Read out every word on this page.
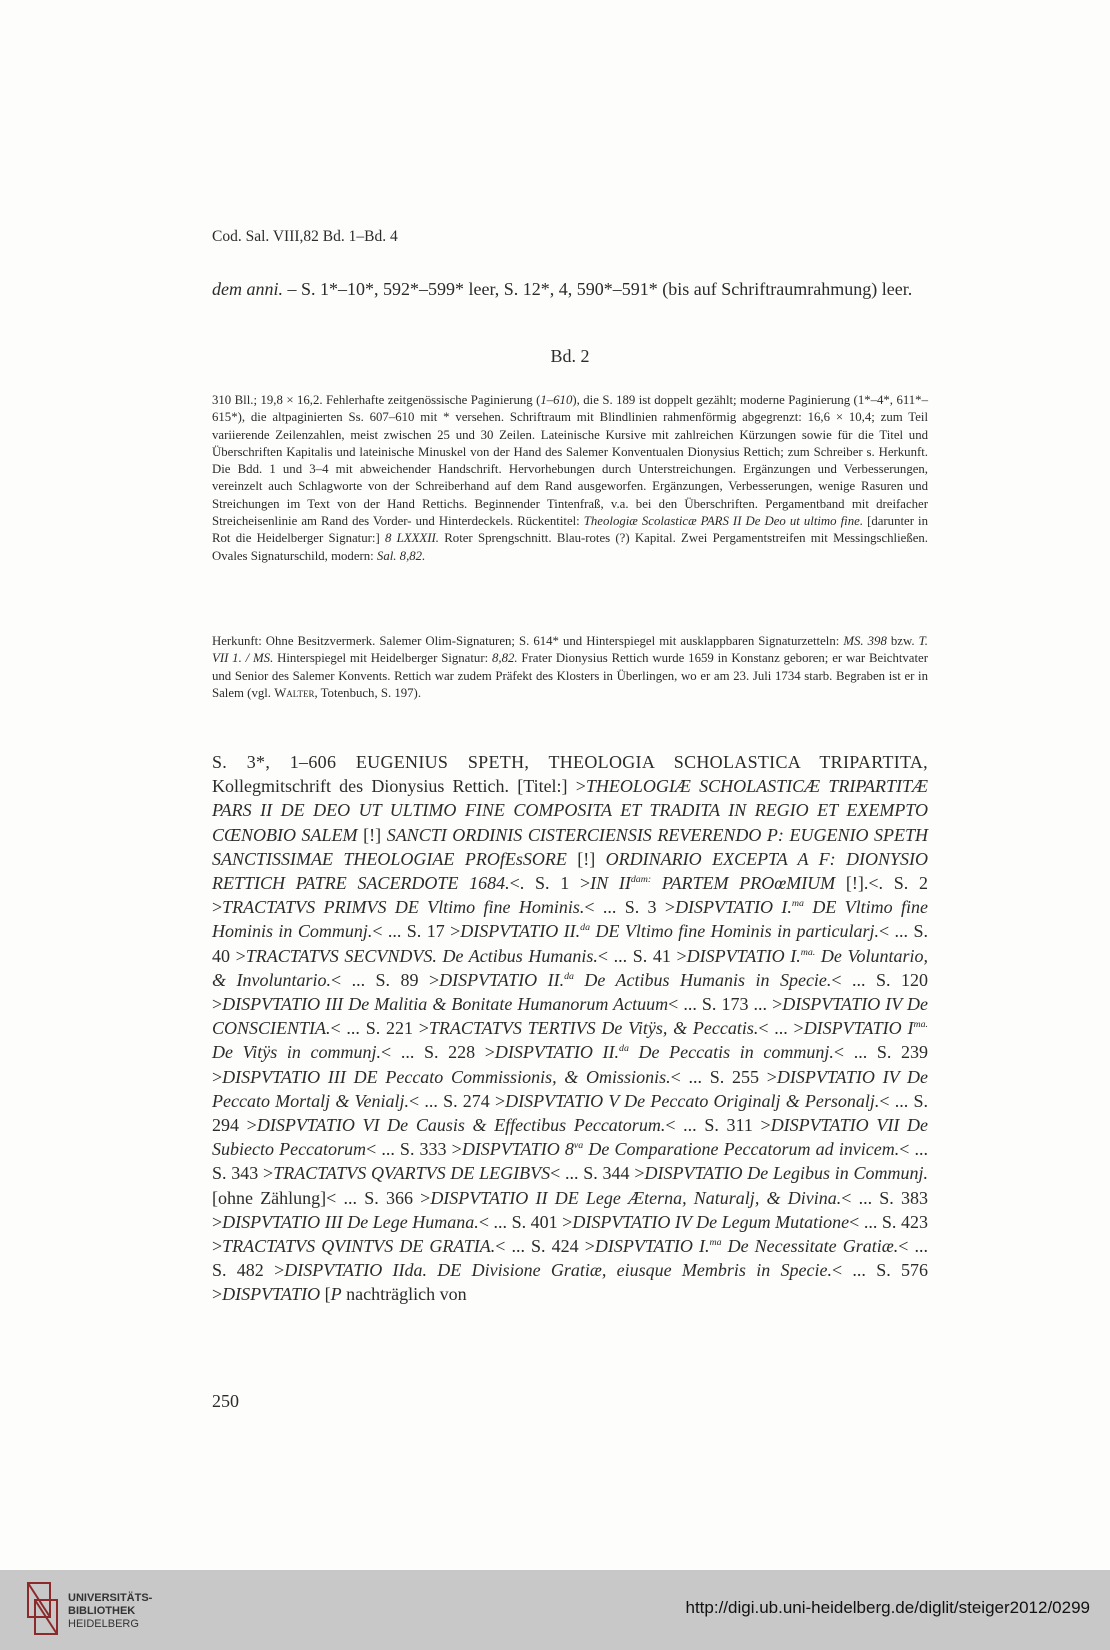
Cod. Sal. VIII,82 Bd. 1–Bd. 4
dem anni. – S. 1*–10*, 592*–599* leer, S. 12*, 4, 590*–591* (bis auf Schriftraumrahmung) leer.
Bd. 2
310 Bll.; 19,8 × 16,2. Fehlerhafte zeitgenössische Paginierung (1–610), die S. 189 ist doppelt gezählt; moderne Paginierung (1*–4*, 611*–615*), die altpaginierten Ss. 607–610 mit * versehen. Schriftraum mit Blindlinien rahmenförmig abgegrenzt: 16,6 × 10,4; zum Teil variierende Zeilenzahlen, meist zwischen 25 und 30 Zeilen. Lateinische Kursive mit zahlreichen Kürzungen sowie für die Titel und Überschriften Kapitalis und lateinische Minuskel von der Hand des Salemer Konventualen Dionysius Rettich; zum Schreiber s. Herkunft. Die Bdd. 1 und 3–4 mit abweichender Handschrift. Hervorhebungen durch Unterstreichungen. Ergänzungen und Verbesserungen, vereinzelt auch Schlagworte von der Schreiberhand auf dem Rand ausgeworfen. Ergänzungen, Verbesserungen, wenige Rasuren und Streichungen im Text von der Hand Rettichs. Beginnender Tintenfraß, v.a. bei den Überschriften. Pergamentband mit dreifacher Streicheisenlinie am Rand des Vorder- und Hinterdeckels. Rückentitel: Theologiæ Scolasticæ PARS II De Deo ut ultimo fine. [darunter in Rot die Heidelberger Signatur:] 8 LXXXII. Roter Sprengschnitt. Blau-rotes (?) Kapital. Zwei Pergamentstreifen mit Messingschließen. Ovales Signaturschild, modern: Sal. 8,82.
Herkunft: Ohne Besitzvermerk. Salemer Olim-Signaturen; S. 614* und Hinterspiegel mit ausklappbaren Signaturzetteln: MS. 398 bzw. T. VII 1. / MS. Hinterspiegel mit Heidelberger Signatur: 8,82. Frater Dionysius Rettich wurde 1659 in Konstanz geboren; er war Beichtvater und Senior des Salemer Konvents. Rettich war zudem Präfekt des Klosters in Überlingen, wo er am 23. Juli 1734 starb. Begraben ist er in Salem (vgl. Walter, Totenbuch, S. 197).
S. 3*, 1–606 EUGENIUS SPETH, THEOLOGIA SCHOLASTICA TRIPARTITA, Kollegmitschrift des Dionysius Rettich. [Titel:] >THEOLOGIÆ SCHOLASTICÆ TRIPARTITÆ PARS II DE DEO UT ULTIMO FINE COMPOSITA ET TRADITA IN REGIO ET EXEMPTO CŒNOBIO SALEM [!] SANCTI ORDINIS CISTERCIENSIS REVERENDO P: EUGENIO SPETH SANCTISSIMAE THEOLOGIAE PROfEsSORE [!] ORDINARIO EXCEPTA A F: DIONYSIO RETTICH PATRE SACERDOTE 1684.<. S. 1 >IN $II^{dam:}$ PARTEM PROœMIUM [!].<. S. 2 >TRACTATVS PRIMVS DE Vltimo fine Hominis.< ... S. 3 >DISPVTATIO I.$^{ma}$ DE Vltimo fine Hominis in Communj.< ... S. 17 >DISPVTATIO II.$^{da}$ DE Vltimo fine Hominis in particularj.< ... S. 40 >TRACTATVS SECVNDVS. De Actibus Humanis.< ... S. 41 >DISPVTATIO I.$^{ma.}$ De Voluntario, & Involuntario.< ... S. 89 >DISPVTATIO II.$^{da}$ De Actibus Humanis in Specie.< ... S. 120 >DISPVTATIO III De Malitia & Bonitate Humanorum Actuum< ... S. 173 ... >DISPVTATIO IV De CONSCIENTIA.< ... S. 221 >TRACTATVS TERTIVS De Vitÿs, & Peccatis.< ... >DISPVTATIO $I^{ma.}$ De Vitÿs in communj.< ... S. 228 >DISPVTATIO II.$^{da}$ De Peccatis in communj.< ... S. 239 >DISPVTATIO III DE Peccato Commissionis, & Omissionis.< ... S. 255 >DISPVTATIO IV De Peccato Mortalj & Venialj.< ... S. 274 >DISPVTATIO V De Peccato Originalj & Personalj.< ... S. 294 >DISPVTATIO VI De Causis & Effectibus Peccatorum.< ... S. 311 >DISPVTATIO VII De Subiecto Peccatorum< ... S. 333 >DISPVTATIO $8^{va}$ De Comparatione Peccatorum ad invicem.< ... S. 343 >TRACTATVS QVARTVS DE LEGIBVS< ... S. 344 >DISPVTATIO De Legibus in Communj. [ohne Zählung]< ... S. 366 >DISPVTATIO II DE Lege Æterna, Naturalj, & Divina.< ... S. 383 >DISPVTATIO III De Lege Humana.< ... S. 401 >DISPVTATIO IV De Legum Mutatione< ... S. 423 >TRACTATVS QVINTVS DE GRATIA.< ... S. 424 >DISPVTATIO I.$^{ma}$ De Necessitate Gratiæ.< ... S. 482 >DISPVTATIO IIda. DE Divisione Gratiæ, eiusque Membris in Specie.< ... S. 576 >DISPVTATIO [P nachträglich von
250
UNIVERSITÄTS-
BIBLIOTHEK
HEIDELBERG
http://digi.ub.uni-heidelberg.de/diglit/steiger2012/0299
